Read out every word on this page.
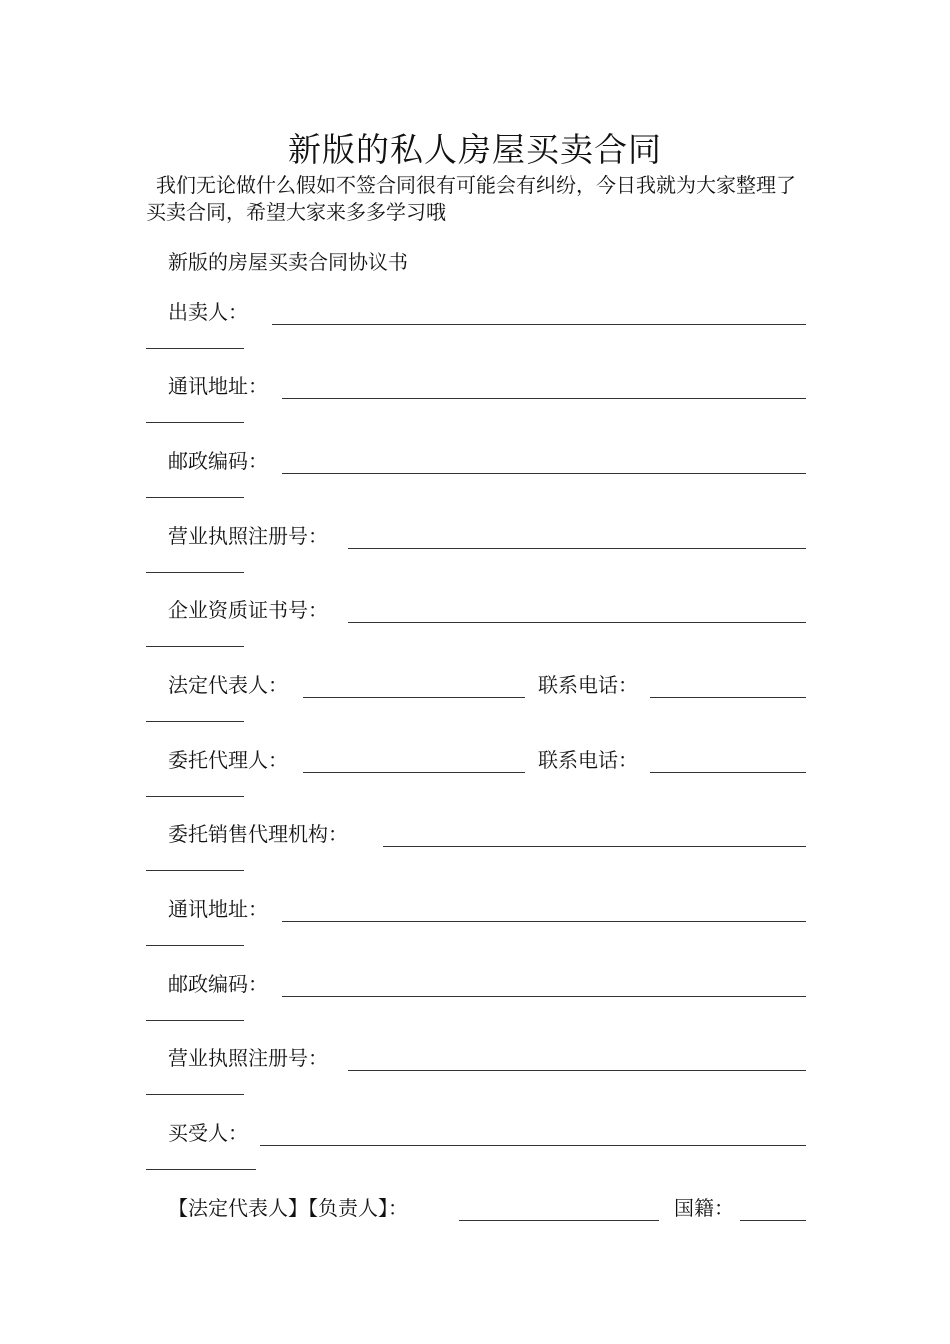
新版的私人房屋买卖合同
我们无论做什么假如不签合同很有可能会有纠纷，今日我就为大家整理了买卖合同，希望大家来多多学习哦
新版的房屋买卖合同协议书
出卖人：
通讯地址：
邮政编码：
营业执照注册号：
企业资质证书号：
法定代表人：	联系电话：
委托代理人：	联系电话：
委托销售代理机构：
通讯地址：
邮政编码：
营业执照注册号：
买受人：
【法定代表人】【负责人】：	国籍：
